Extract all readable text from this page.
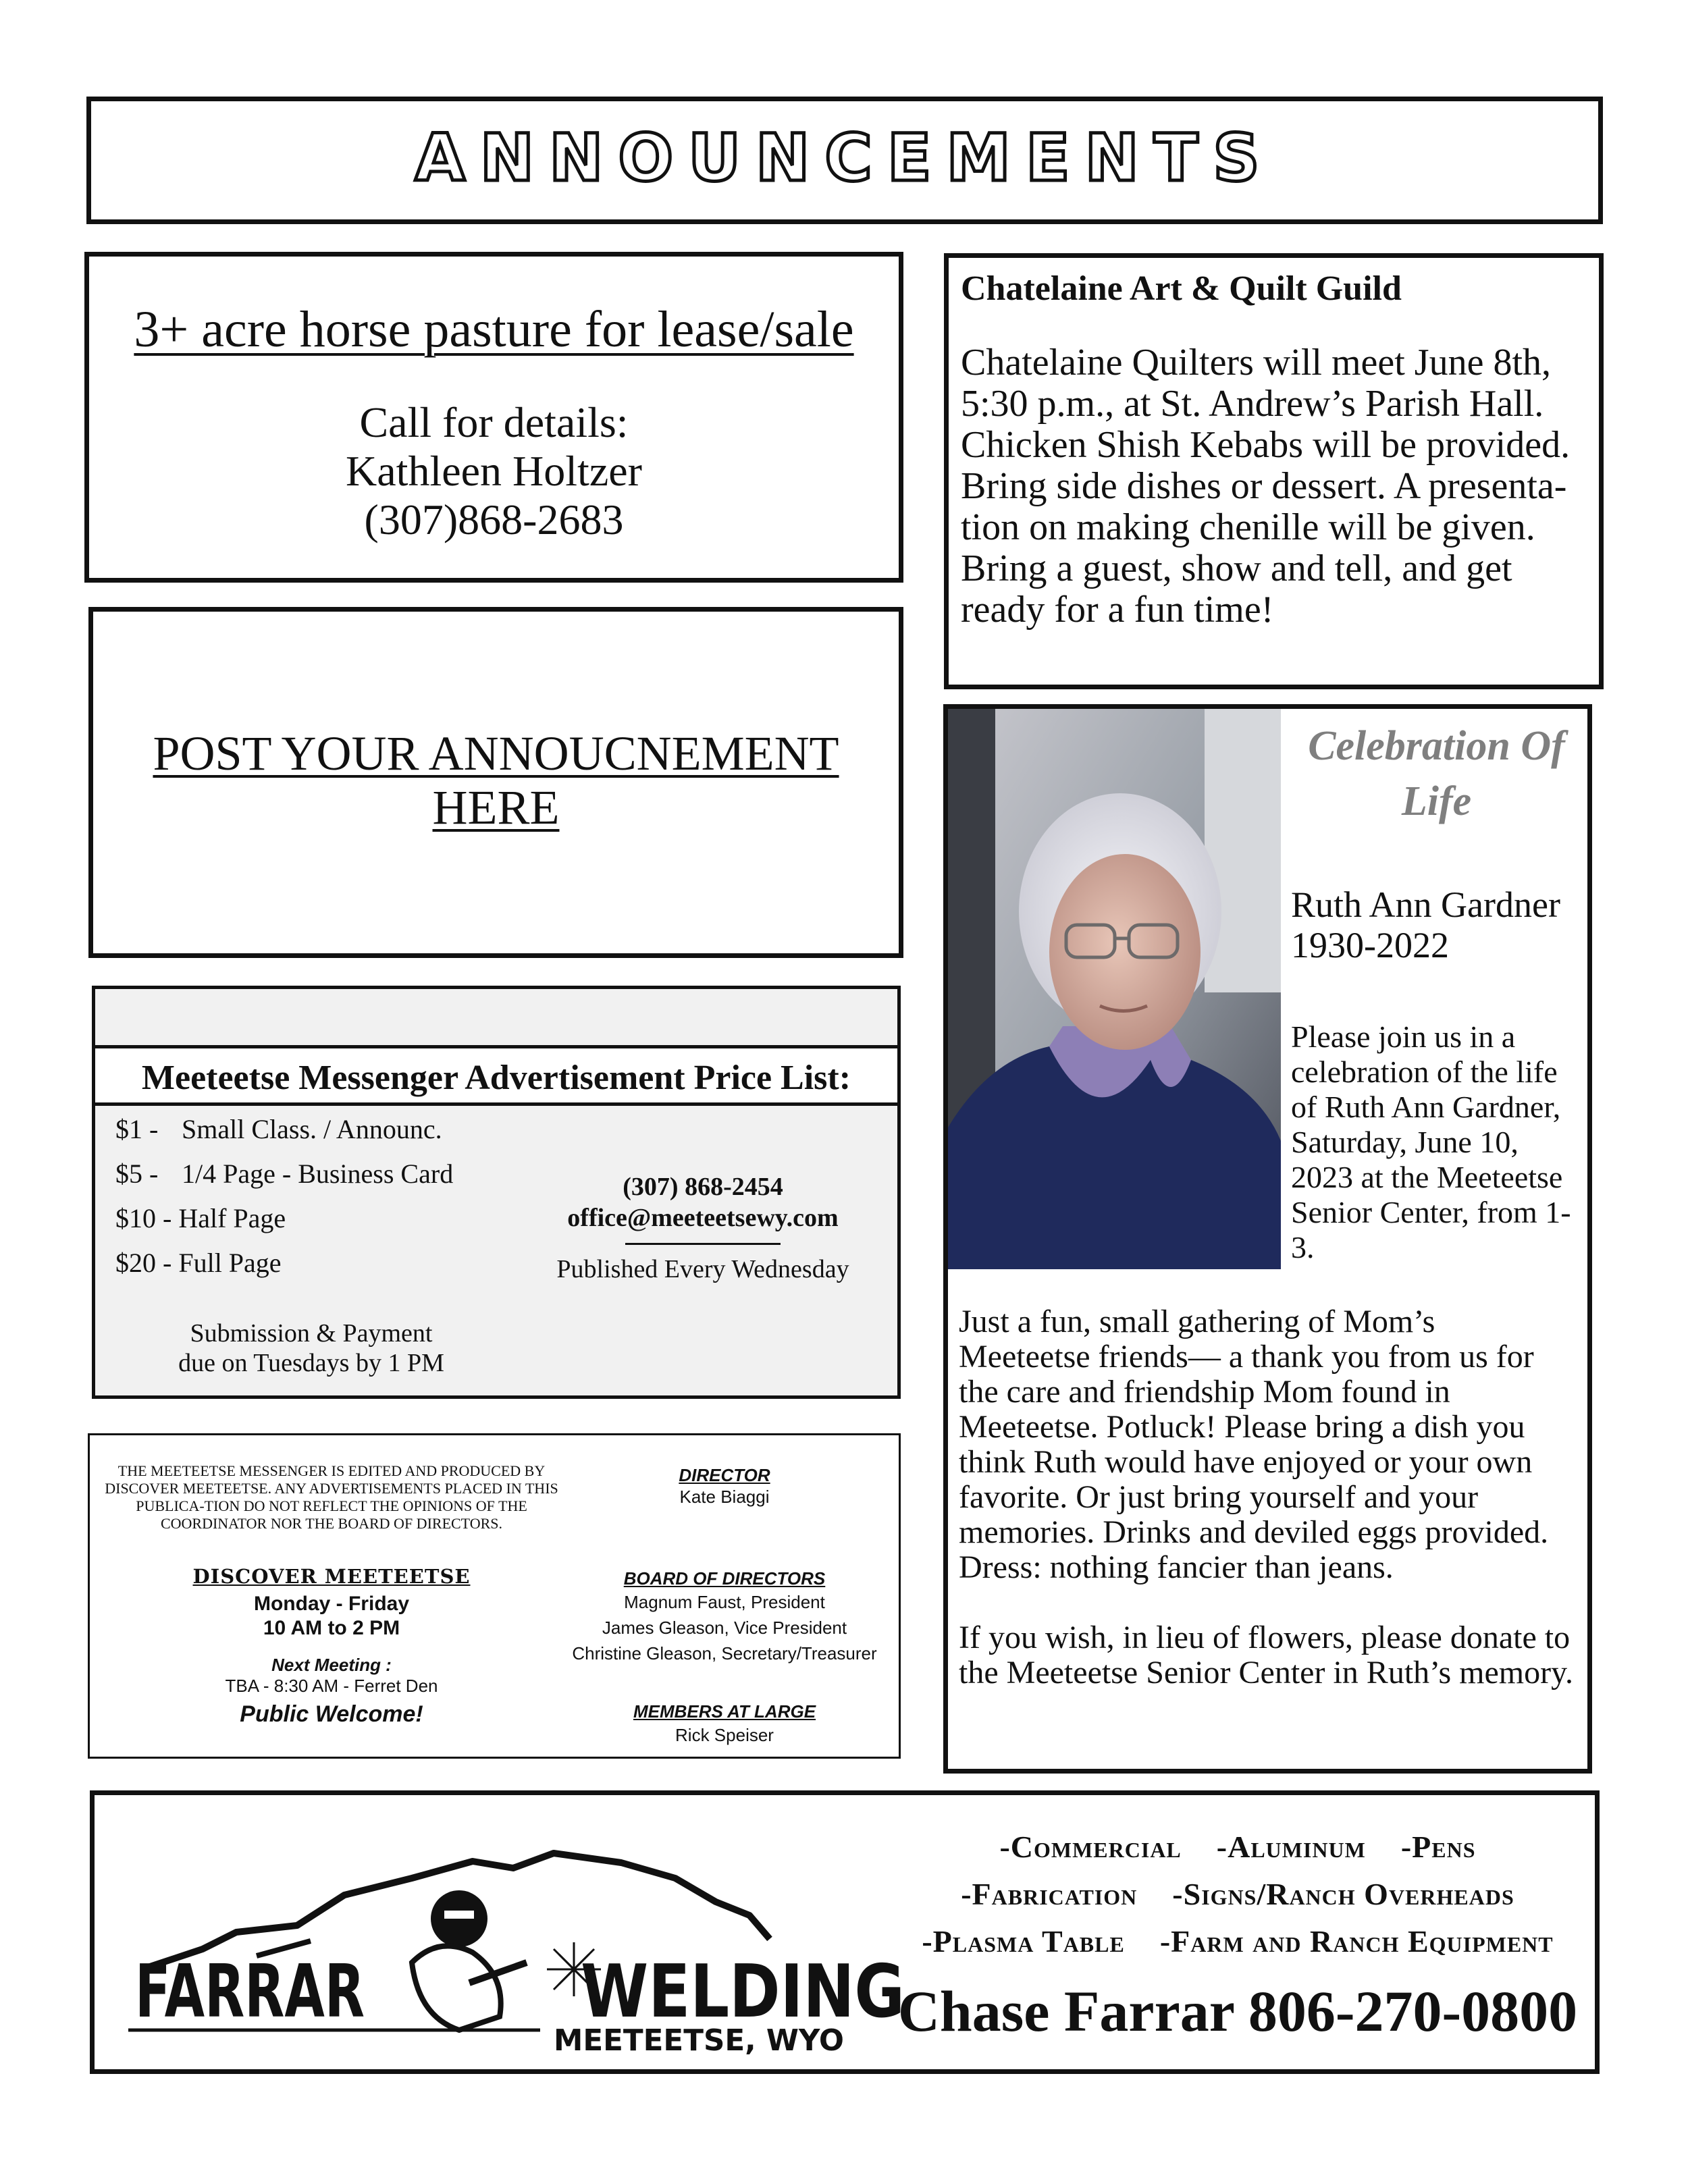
ANNOUNCEMENTS
3+ acre horse pasture for lease/sale
Call for details:
Kathleen Holtzer
(307)868-2683
POST YOUR ANNOUCNEMENT
HERE
Meeteetse Messenger Advertisement Price List:
$1 - Small Class. / Announc.
$5 - 1/4 Page - Business Card
$10 - Half Page
$20 - Full Page
(307) 868-2454
office@meeteetsewy.com
Published Every Wednesday
Submission & Payment
due on Tuesdays by 1 PM
THE MEETEETSE MESSENGER IS EDITED AND PRODUCED BY DISCOVER MEETEETSE. ANY ADVERTISEMENTS PLACED IN THIS PUBLICA-TION DO NOT REFLECT THE OPINIONS OF THE COORDINATOR NOR THE BOARD OF DIRECTORS.
DISCOVER MEETEETSE
Monday - Friday
10 AM to 2 PM
Next Meeting :
TBA - 8:30 AM - Ferret Den
Public Welcome!
DIRECTOR
Kate Biaggi
BOARD OF DIRECTORS
Magnum Faust, President
James Gleason, Vice President
Christine Gleason, Secretary/Treasurer
MEMBERS AT LARGE
Rick Speiser
Chatelaine Art & Quilt Guild
Chatelaine Quilters will meet June 8th, 5:30 p.m., at St. Andrew’s Parish Hall. Chicken Shish Kebabs will be provided. Bring side dishes or dessert. A presenta-tion on making chenille will be given. Bring a guest, show and tell, and get ready for a fun time!
Celebration Of
Life
Ruth Ann Gardner
1930-2022
Please join us in a celebration of the life of Ruth Ann Gardner, Saturday, June 10, 2023 at the Meeteetse Senior Center, from 1-3.

Just a fun, small gathering of Mom’s Meeteetse friends— a thank you from us for the care and friendship Mom found in Meeteetse. Potluck! Please bring a dish you think Ruth would have enjoyed or your own favorite. Or just bring yourself and your memories. Drinks and deviled eggs provided. Dress: nothing fancier than jeans.

If you wish, in lieu of flowers, please donate to the Meeteetse Senior Center in Ruth’s memory.

FARRAR	WELDING
MEETEETSE, WYO
-Commercial -Aluminum -Pens
-Fabrication -Signs/Ranch Overheads
-Plasma Table -Farm and Ranch Equipment
Chase Farrar 806-270-0800
